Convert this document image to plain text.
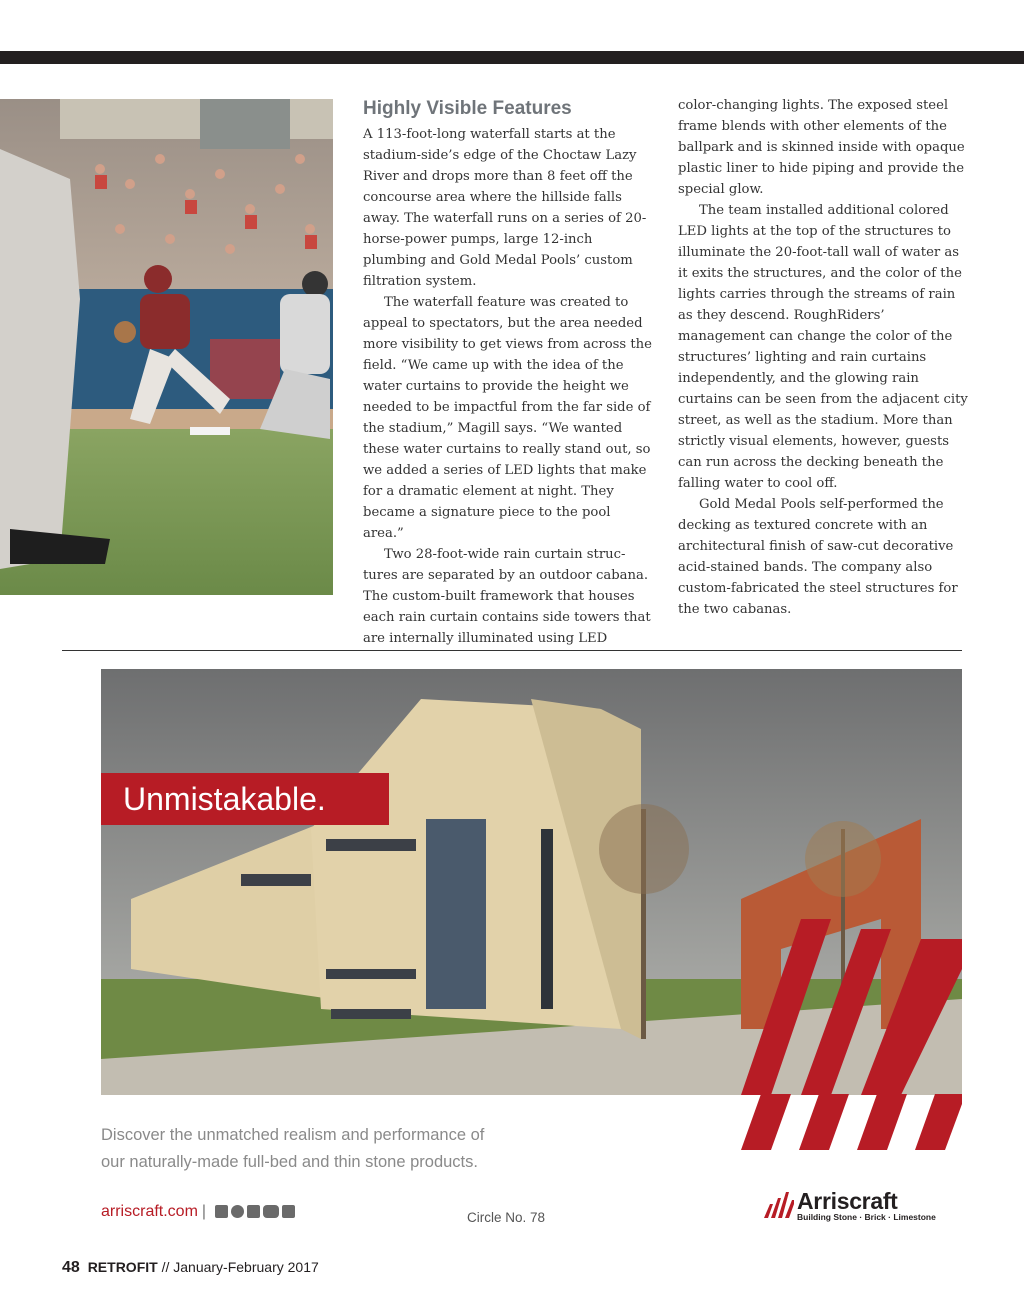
Highly Visible Features

A 113-foot-long waterfall starts at the stadium-side’s edge of the Choctaw Lazy River and drops more than 8 feet off the concourse area where the hillside falls away. The waterfall runs on a series of 20-horse-power pumps, large 12-inch plumbing and Gold Medal Pools’ custom filtration system.

The waterfall feature was created to appeal to spectators, but the area needed more visibility to get views from across the field. “We came up with the idea of the water curtains to provide the height we needed to be impactful from the far side of the stadium,” Magill says. “We wanted these water curtains to really stand out, so we added a series of LED lights that make for a dramatic element at night. They became a signature piece to the pool area.”

Two 28-foot-wide rain curtain struc-tures are separated by an outdoor cabana. The custom-built framework that houses each rain curtain contains side towers that are internally illuminated using LED

color-changing lights. The exposed steel frame blends with other elements of the ballpark and is skinned inside with opaque plastic liner to hide piping and provide the special glow.

The team installed additional colored LED lights at the top of the structures to illuminate the 20-foot-tall wall of water as it exits the structures, and the color of the lights carries through the streams of rain as they descend. RoughRiders’ management can change the color of the structures’ lighting and rain curtains independently, and the glowing rain curtains can be seen from the adjacent city street, as well as the stadium. More than strictly visual elements, however, guests can run across the decking beneath the falling water to cool off.

Gold Medal Pools self-performed the decking as textured concrete with an architectural finish of saw-cut decorative acid-stained bands. The company also custom-fabricated the steel structures for the two cabanas.

Unmistakable.
Discover the unmatched realism and performance of
our naturally-made full-bed and thin stone products.
arriscraft.com |	Circle No. 78
Arriscraft
Building Stone · Brick · Limestone
48 RETROFIT // January-February 2017
